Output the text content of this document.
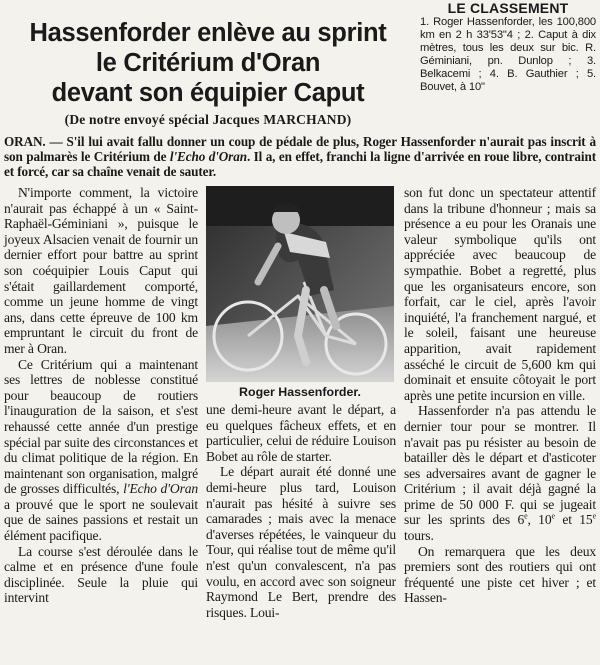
Hassenforder enlève au sprint
le Critérium d'Oran
devant son équipier Caput
(De notre envoyé spécial Jacques MARCHAND)
LE CLASSEMENT

1. Roger Hassenforder, les 100,800 km en 2 h 33'53"4 ; 2. Caput à dix mètres, tous les deux sur bic. R. Géminiani, pn. Dunlop ; 3. Belkacemi ; 4. B. Gauthier ; 5. Bouvet, à 10"

ORAN. — S'il lui avait fallu donner un coup de pédale de plus, Roger Hassenforder n'aurait pas inscrit à son palmarès le Critérium de l'Echo d'Oran. Il a, en effet, franchi la ligne d'arrivée en roue libre, contraint et forcé, car sa chaîne venait de sauter.

N'importe comment, la victoire n'aurait pas échappé à un « Saint-Raphaël-Géminiani », puisque le joyeux Alsacien venait de fournir un dernier effort pour battre au sprint son coéquipier Louis Caput qui s'était gaillardement comporté, comme un jeune homme de vingt ans, dans cette épreuve de 100 km empruntant le circuit du front de mer à Oran.

Ce Critérium qui a maintenant ses lettres de noblesse constitué pour beaucoup de routiers l'inauguration de la saison, et s'est rehaussé cette année d'un prestige spécial par suite des circonstances et du climat politique de la région. En maintenant son organisation, malgré de grosses difficultés, l'Echo d'Oran a prouvé que le sport ne soulevait que de saines passions et restait un élément pacifique.

La course s'est déroulée dans le calme et en présence d'une foule disciplinée. Seule la pluie qui intervint

Roger Hassenforder.

une demi-heure avant le départ, a eu quelques fâcheux effets, et en particulier, celui de réduire Louison Bobet au rôle de starter.

Le départ aurait été donné une demi-heure plus tard, Louison n'aurait pas hésité à suivre ses camarades ; mais avec la menace d'averses répétées, le vainqueur du Tour, qui réalise tout de même qu'il n'est qu'un convalescent, n'a pas voulu, en accord avec son soigneur Raymond Le Bert, prendre des risques. Loui-

son fut donc un spectateur attentif dans la tribune d'honneur ; mais sa présence a eu pour les Oranais une valeur symbolique qu'ils ont appréciée avec beaucoup de sympathie. Bobet a regretté, plus que les organisateurs encore, son forfait, car le ciel, après l'avoir inquiété, l'a franchement nargué, et le soleil, faisant une heureuse apparition, avait rapidement asséché le circuit de 5,600 km qui dominait et ensuite côtoyait le port après une petite incursion en ville.

Hassenforder n'a pas attendu le dernier tour pour se montrer. Il n'avait pas pu résister au besoin de batailler dès le départ et d'asticoter ses adversaires avant de gagner le Critérium ; il avait déjà gagné la prime de 50 000 F. qui se jugeait sur les sprints des 6e, 10e et 15e tours.

On remarquera que les deux premiers sont des routiers qui ont fréquenté une piste cet hiver ; et Hassen-
